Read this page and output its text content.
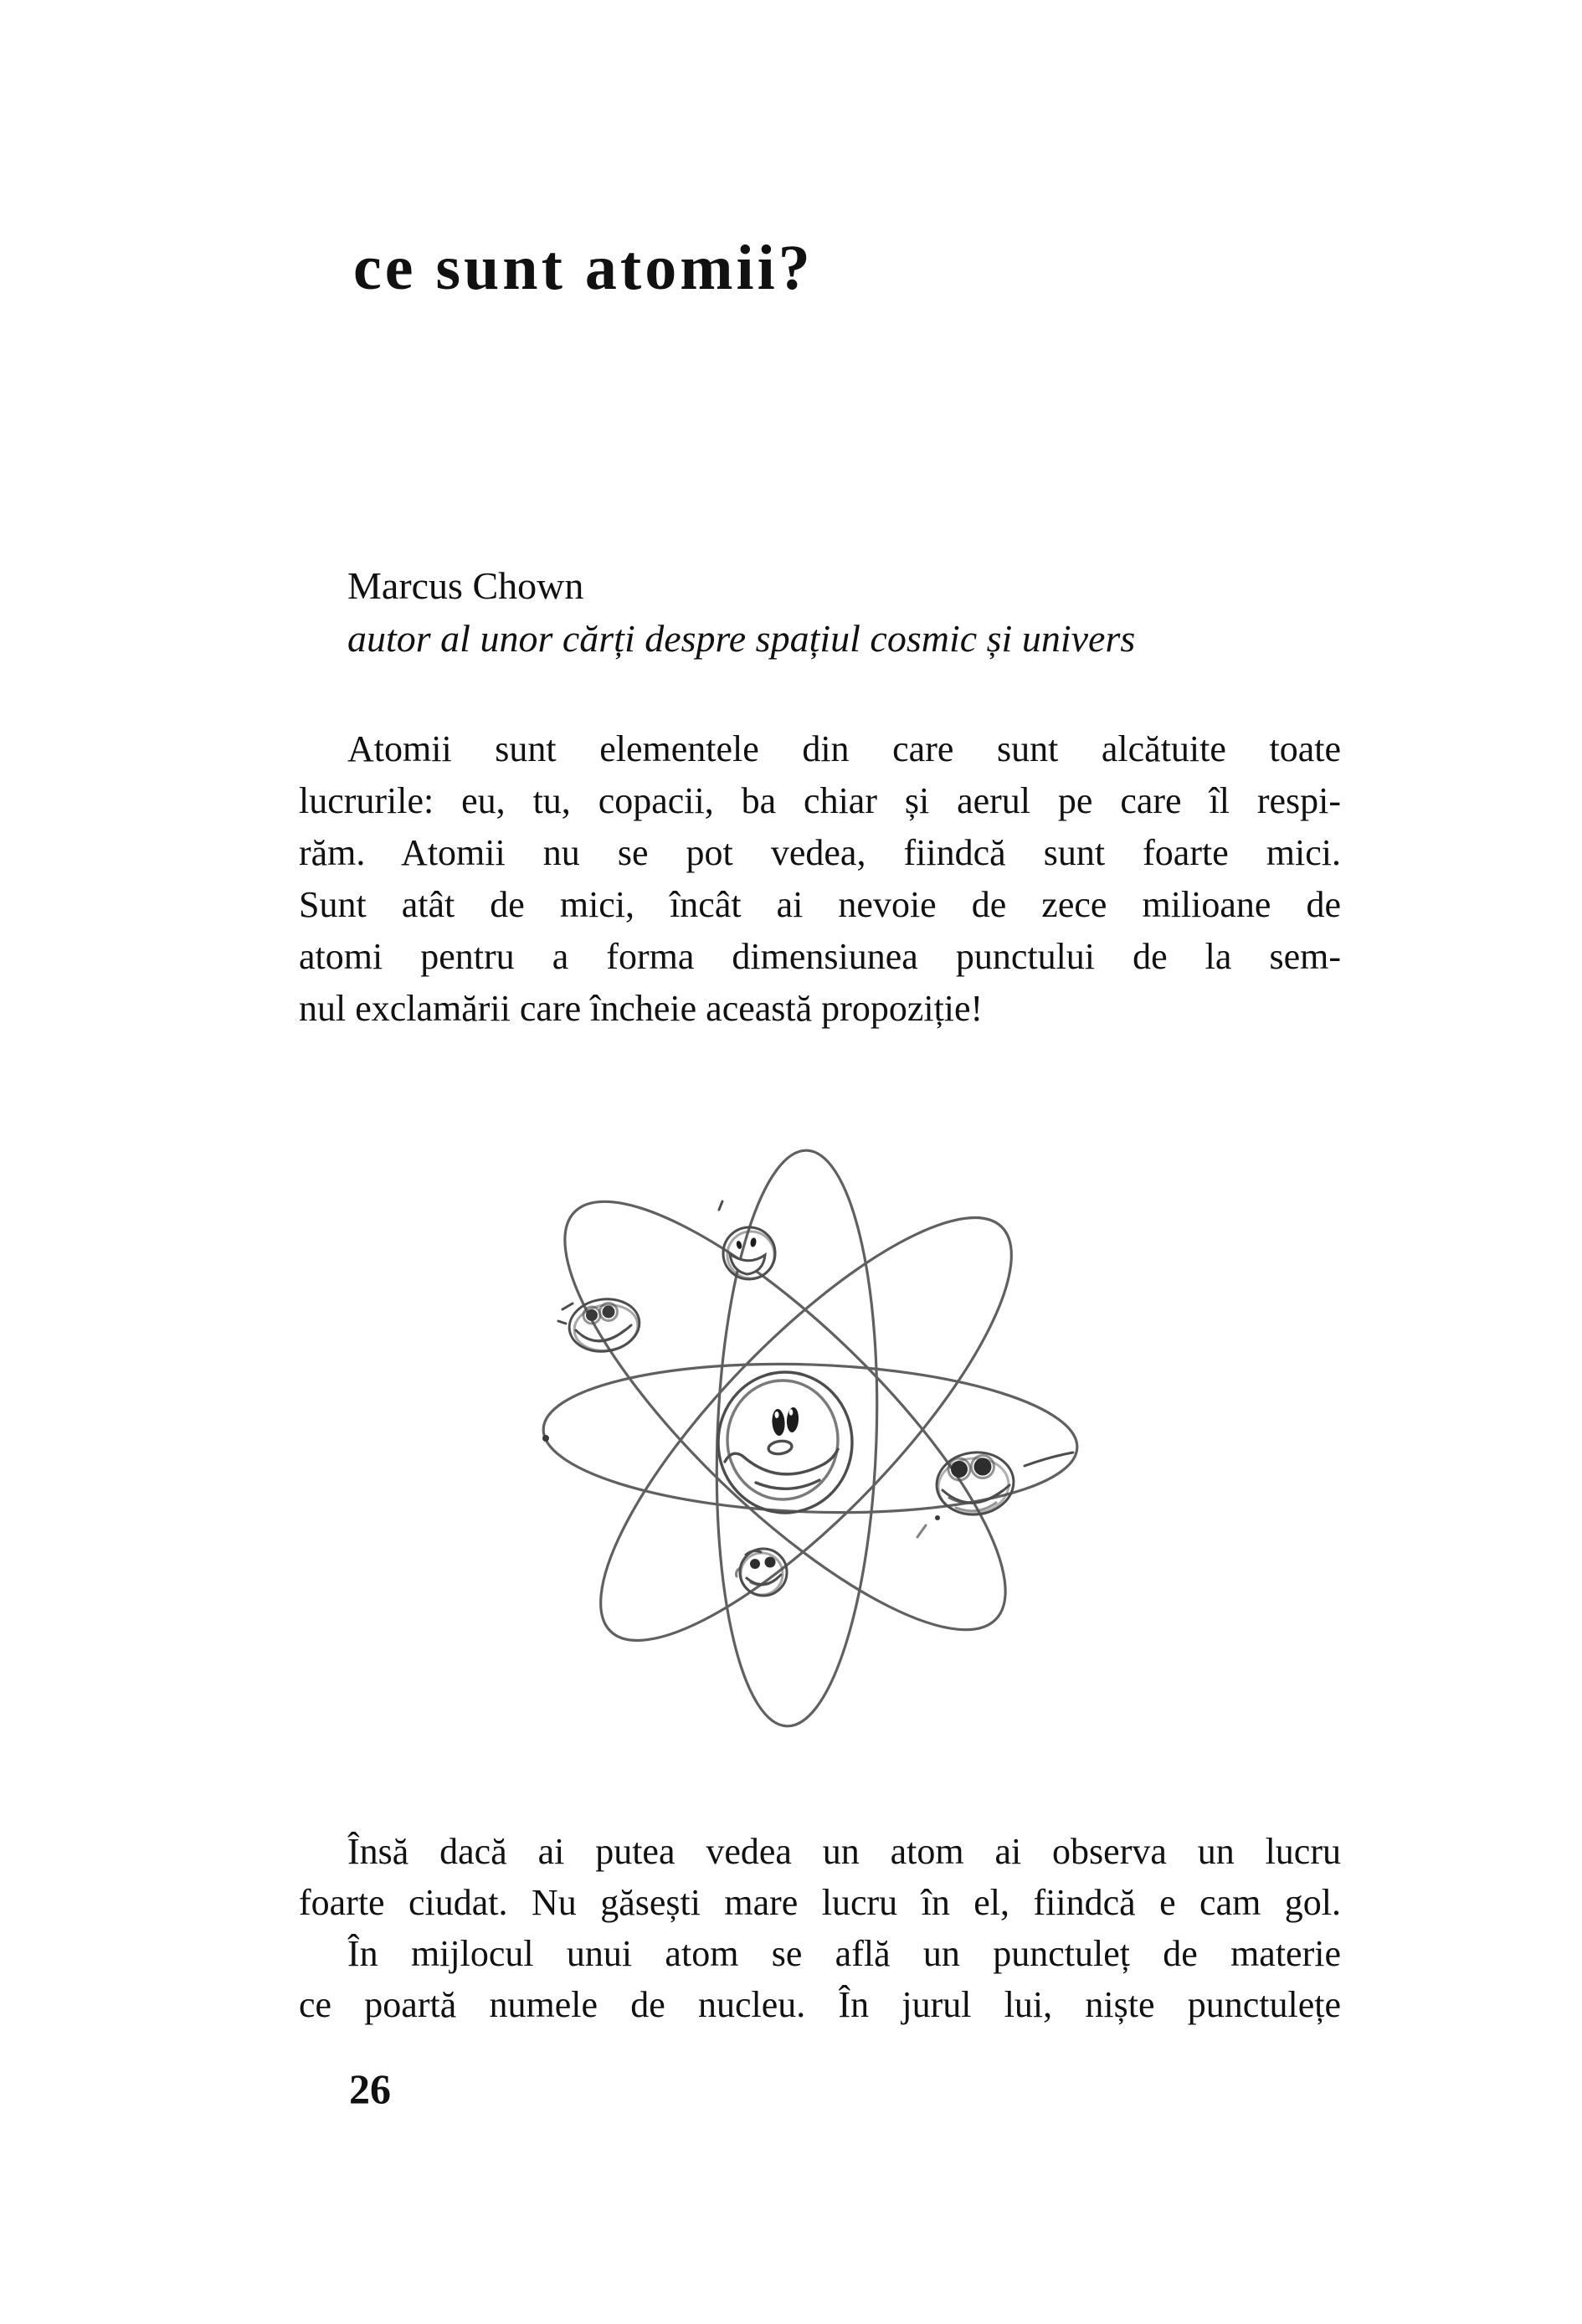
ce sunt atomii?
Marcus Chown
autor al unor cărți despre spațiul cosmic și univers
Atomii sunt elementele din care sunt alcătuite toate
lucrurile: eu, tu, copacii, ba chiar și aerul pe care îl respi-
răm. Atomii nu se pot vedea, fiindcă sunt foarte mici.
Sunt atât de mici, încât ai nevoie de zece milioane de
atomi pentru a forma dimensiunea punctului de la sem-
nul exclamării care încheie această propoziție!
Însă dacă ai putea vedea un atom ai observa un lucru
foarte ciudat. Nu găsești mare lucru în el, fiindcă e cam gol.
În mijlocul unui atom se află un punctuleț de materie
ce poartă numele de nucleu. În jurul lui, niște punctulețe
26
